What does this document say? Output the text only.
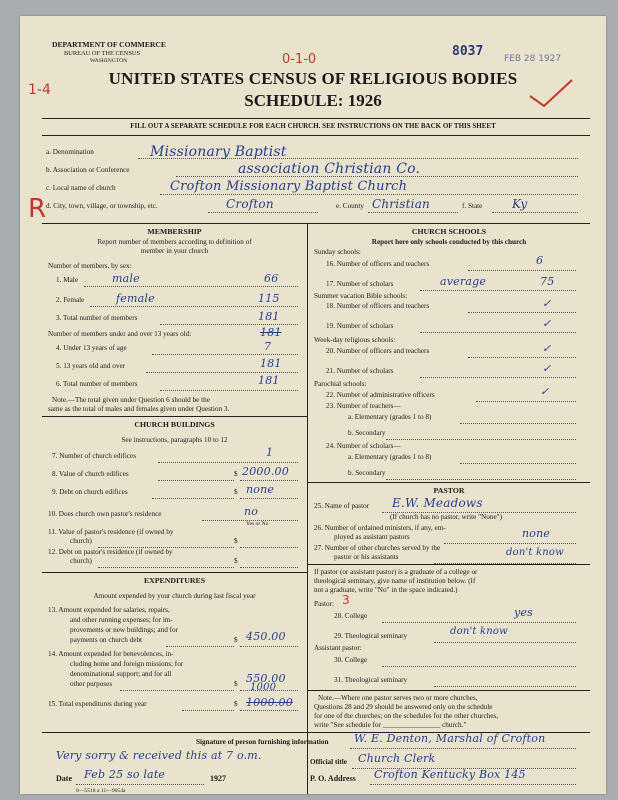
DEPARTMENT OF COMMERCE
BUREAU OF THE CENSUS
WASHINGTON	0-1-0
8037 FEB 28 1927
1-4
UNITED STATES CENSUS OF RELIGIOUS BODIES
SCHEDULE: 1926
FILL OUT A SEPARATE SCHEDULE FOR EACH CHURCH. SEE INSTRUCTIONS ON THE BACK OF THIS SHEET
a. Denomination	Missionary Baptist
b. Association or Conference	association Christian Co.
c. Local name of church	Crofton Missionary Baptist Church
R d. City, town, village, or township, etc.	Crofton	e. County Christian	f. State Ky
MEMBERSHIP
Report number of members according to definition of
member in your church
Number of members, by sex:
1. Male	male	66
2. Female	female	115
3. Total number of members	181
Number of members under and over 13 years old:	181
4. Under 13 years of age	7
5. 13 years old and over	181
6. Total number of members	181
Note.—The total given under Question 6 should be the
same as the total of males and females given under Question 3.
CHURCH BUILDINGS
See instructions, paragraphs 10 to 12
7. Number of church edifices	1
8. Value of church edifices	$ 2000.00
9. Debt on church edifices	$ none
10. Does church own pastor's residence	no
Yes or No
11. Value of pastor's residence (if owned by
church)	$
12. Debt on pastor's residence (if owned by
church)	$
EXPENDITURES
Amount expended by your church during last fiscal year
13. Amount expended for salaries, repairs,
and other running expenses; for im-
provements or new buildings; and for
payments on church debt	$ 450.00
14. Amount expended for benevolences, in-
cluding home and foreign missions; for
denominational support; and for all
other purposes	$ 550.00
15. Total expenditures during year	$
1000
1000.00
CHURCH SCHOOLS
Report here only schools conducted by this church
Sunday schools:
16. Number of officers and teachers	6
17. Number of scholars	average	75
Summer vacation Bible schools:
18. Number of officers and teachers	✓
19. Number of scholars	✓
Week-day religious schools:
20. Number of officers and teachers	✓
21. Number of scholars	✓
Parochial schools:
22. Number of administrative officers	✓
23. Number of teachers—
a. Elementary (grades 1 to 8)
b. Secondary
24. Number of scholars—
a. Elementary (grades 1 to 8)
b. Secondary
PASTOR
25. Name of pastor E.W. Meadows
(If church has no pastor, write "None")
26. Number of ordained ministers, if any, em-
ployed as assistant pastors	none
27. Number of other churches served by the
pastor or his assistants	don't know
If pastor (or assistant pastor) is a graduate of a college or
theological seminary, give name of institution below. (If
not a graduate, write "No" in the space indicated.)
Pastor: 3
28. College	yes
29. Theological seminary	don't know
Assistant pastor:
30. College
31. Theological seminary
Note.—Where one pastor serves two or more churches,
Questions 28 and 29 should be answered only on the schedule
for one of the churches; on the schedules for the other churches,
write "See schedule for ________________ church."
Signature of person furnishing information W. E. Denton, Marshal of Crofton
Very sorry & received this at 7 o.m.	Official title Church Clerk
Date Feb 25 so late	1927	P. O. Address Crofton Kentucky Box 145
8—5518 a 11—9054a
